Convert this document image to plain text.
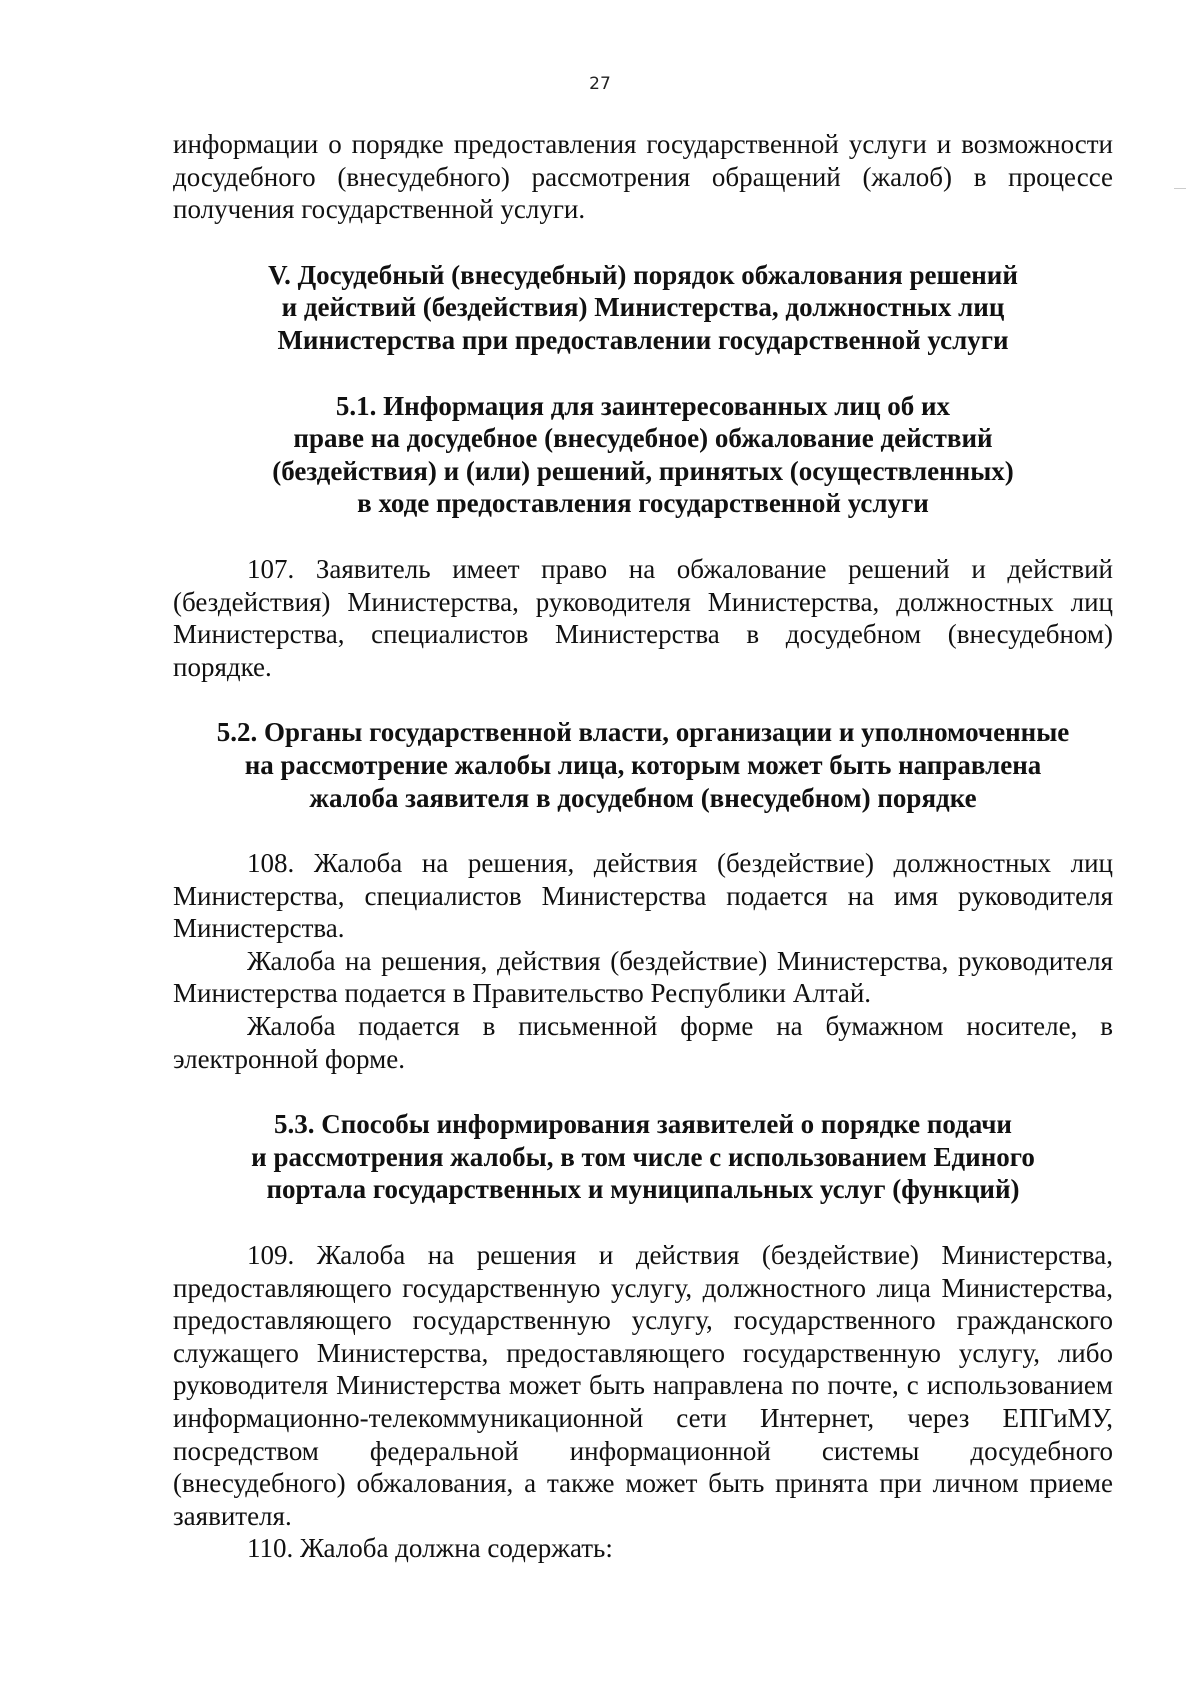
27

информации о порядке предоставления государственной услуги и возможности досудебного (внесудебного) рассмотрения обращений (жалоб) в процессе получения государственной услуги.

V. Досудебный (внесудебный) порядок обжалования решений
и действий (бездействия) Министерства, должностных лиц
Министерства при предоставлении государственной услуги
5.1. Информация для заинтересованных лиц об их
праве на досудебное (внесудебное) обжалование действий
(бездействия) и (или) решений, принятых (осуществленных)
в ходе предоставления государственной услуги

107. Заявитель имеет право на обжалование решений и действий (бездействия) Министерства, руководителя Министерства, должностных лиц Министерства, специалистов Министерства в досудебном (внесудебном) порядке.

5.2. Органы государственной власти, организации и уполномоченные
на рассмотрение жалобы лица, которым может быть направлена
жалоба заявителя в досудебном (внесудебном) порядке

108. Жалоба на решения, действия (бездействие) должностных лиц Министерства, специалистов Министерства подается на имя руководителя Министерства.

Жалоба на решения, действия (бездействие) Министерства, руководителя Министерства подается в Правительство Республики Алтай.

Жалоба подается в письменной форме на бумажном носителе, в электронной форме.

5.3. Способы информирования заявителей о порядке подачи
и рассмотрения жалобы, в том числе с использованием Единого
портала государственных и муниципальных услуг (функций)

109. Жалоба на решения и действия (бездействие) Министерства, предоставляющего государственную услугу, должностного лица Министерства, предоставляющего государственную услугу, государственного гражданского служащего Министерства, предоставляющего государственную услугу, либо руководителя Министерства может быть направлена по почте, с использованием информационно-телекоммуникационной сети Интернет, через ЕПГиМУ, посредством федеральной информационной системы досудебного (внесудебного) обжалования, а также может быть принята при личном приеме заявителя.

110. Жалоба должна содержать:
